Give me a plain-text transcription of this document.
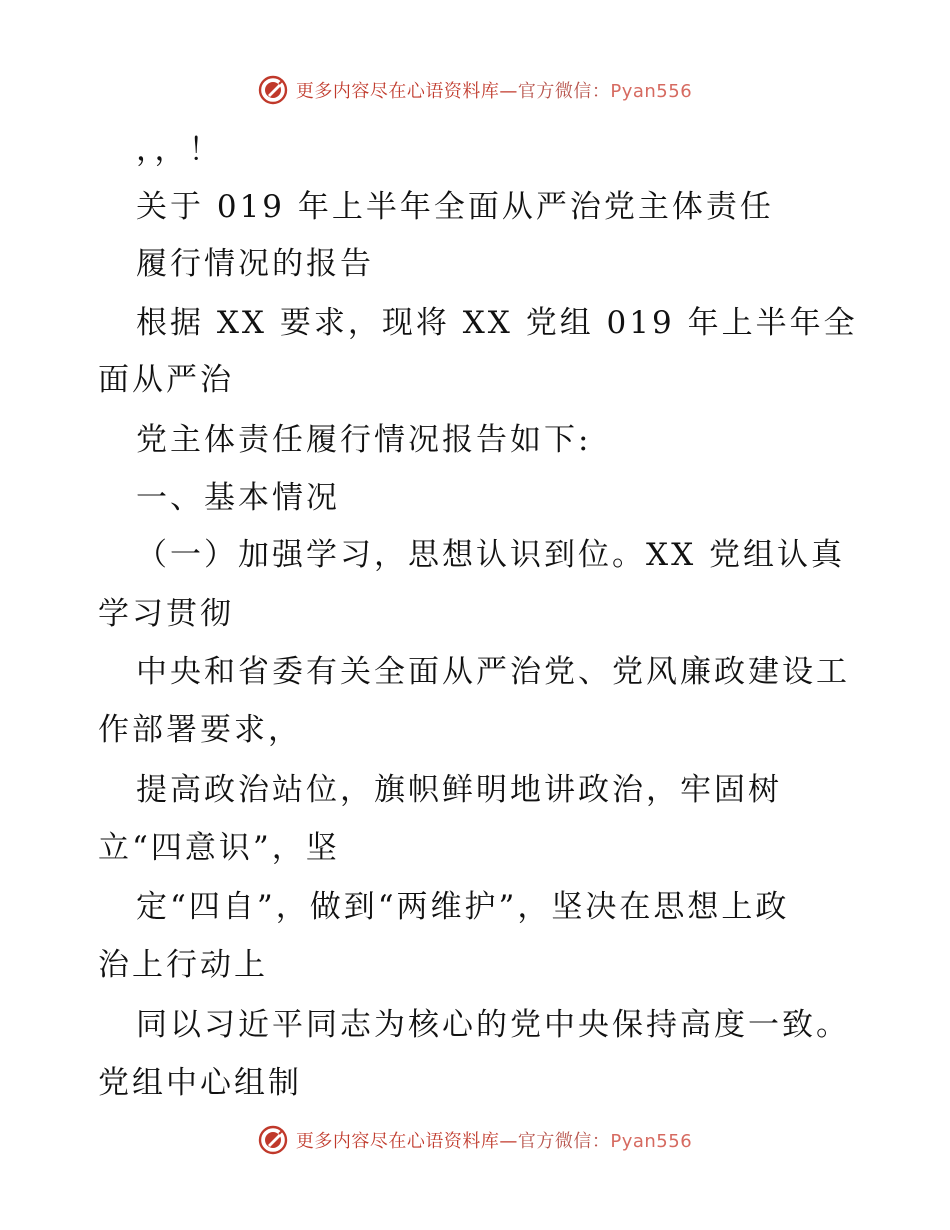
更多内容尽在心语资料库—官方微信：Pyan556
，，！
关于 019 年上半年全面从严治党主体责任
履行情况的报告
根据 XX 要求，现将 XX 党组 019 年上半年全
面从严治
党主体责任履行情况报告如下:
一、基本情况
（一）加强学习，思想认识到位。XX 党组认真
学习贯彻
中央和省委有关全面从严治党、党风廉政建设工
作部署要求，
提高政治站位，旗帜鲜明地讲政治，牢固树
立“四意识”，坚
定“四自”，做到“两维护”，坚决在思想上政
治上行动上
同以习近平同志为核心的党中央保持高度一致。
党组中心组制
更多内容尽在心语资料库—官方微信：Pyan556
